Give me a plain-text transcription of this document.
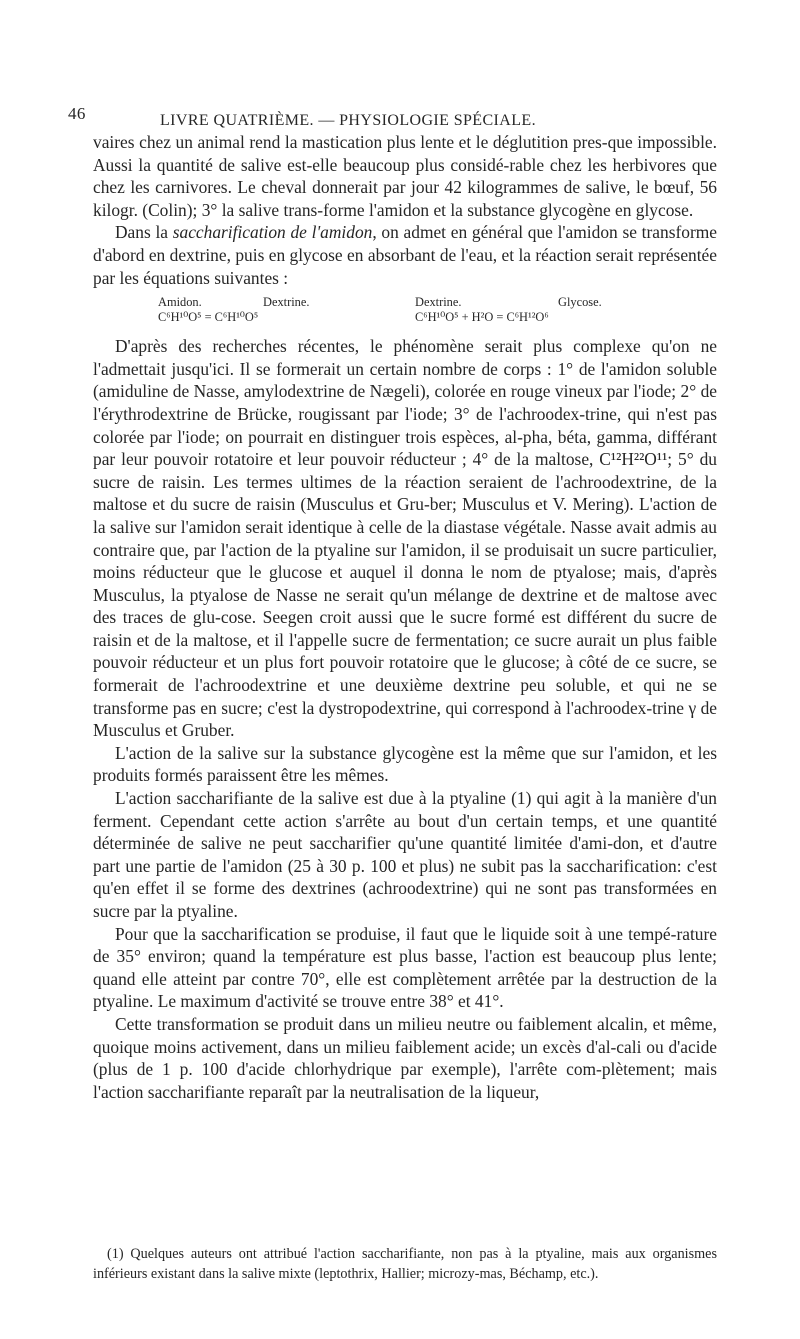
46	LIVRE QUATRIÈME. — PHYSIOLOGIE SPÉCIALE.

vaires chez un animal rend la mastication plus lente et le déglutition pres-que impossible. Aussi la quantité de salive est-elle beaucoup plus considé-rable chez les herbivores que chez les carnivores. Le cheval donnerait par jour 42 kilogrammes de salive, le bœuf, 56 kilogr. (Colin); 3° la salive trans-forme l'amidon et la substance glycogène en glycose.

Dans la saccharification de l'amidon, on admet en général que l'amidon se transforme d'abord en dextrine, puis en glycose en absorbant de l'eau, et la réaction serait représentée par les équations suivantes :

Amidon.	Dextrine.	Dextrine.	Glycose.
C⁶H¹⁰O⁵ = C⁶H¹⁰O⁵	C⁶H¹⁰O⁵ + H²O = C⁶H¹²O⁶

D'après des recherches récentes, le phénomène serait plus complexe qu'on ne l'admettait jusqu'ici. Il se formerait un certain nombre de corps : 1° de l'amidon soluble (amiduline de Nasse, amylodextrine de Nægeli), colorée en rouge vineux par l'iode; 2° de l'érythrodextrine de Brücke, rougissant par l'iode; 3° de l'achroodex-trine, qui n'est pas colorée par l'iode; on pourrait en distinguer trois espèces, al-pha, béta, gamma, différant par leur pouvoir rotatoire et leur pouvoir réducteur ; 4° de la maltose, C¹²H²²O¹¹; 5° du sucre de raisin. Les termes ultimes de la réaction seraient de l'achroodextrine, de la maltose et du sucre de raisin (Musculus et Gru-ber; Musculus et V. Mering). L'action de la salive sur l'amidon serait identique à celle de la diastase végétale. Nasse avait admis au contraire que, par l'action de la ptyaline sur l'amidon, il se produisait un sucre particulier, moins réducteur que le glucose et auquel il donna le nom de ptyalose; mais, d'après Musculus, la ptyalose de Nasse ne serait qu'un mélange de dextrine et de maltose avec des traces de glu-cose. Seegen croit aussi que le sucre formé est différent du sucre de raisin et de la maltose, et il l'appelle sucre de fermentation; ce sucre aurait un plus faible pouvoir réducteur et un plus fort pouvoir rotatoire que le glucose; à côté de ce sucre, se formerait de l'achroodextrine et une deuxième dextrine peu soluble, et qui ne se transforme pas en sucre; c'est la dystropodextrine, qui correspond à l'achroodex-trine γ de Musculus et Gruber.

L'action de la salive sur la substance glycogène est la même que sur l'amidon, et les produits formés paraissent être les mêmes.

L'action saccharifiante de la salive est due à la ptyaline (1) qui agit à la manière d'un ferment. Cependant cette action s'arrête au bout d'un certain temps, et une quantité déterminée de salive ne peut saccharifier qu'une quantité limitée d'ami-don, et d'autre part une partie de l'amidon (25 à 30 p. 100 et plus) ne subit pas la saccharification: c'est qu'en effet il se forme des dextrines (achroodextrine) qui ne sont pas transformées en sucre par la ptyaline.

Pour que la saccharification se produise, il faut que le liquide soit à une tempé-rature de 35° environ; quand la température est plus basse, l'action est beaucoup plus lente; quand elle atteint par contre 70°, elle est complètement arrêtée par la destruction de la ptyaline. Le maximum d'activité se trouve entre 38° et 41°.

Cette transformation se produit dans un milieu neutre ou faiblement alcalin, et même, quoique moins activement, dans un milieu faiblement acide; un excès d'al-cali ou d'acide (plus de 1 p. 100 d'acide chlorhydrique par exemple), l'arrête com-plètement; mais l'action saccharifiante reparaît par la neutralisation de la liqueur,

(1) Quelques auteurs ont attribué l'action saccharifiante, non pas à la ptyaline, mais aux organismes inférieurs existant dans la salive mixte (leptothrix, Hallier; microzy-mas, Béchamp, etc.).
